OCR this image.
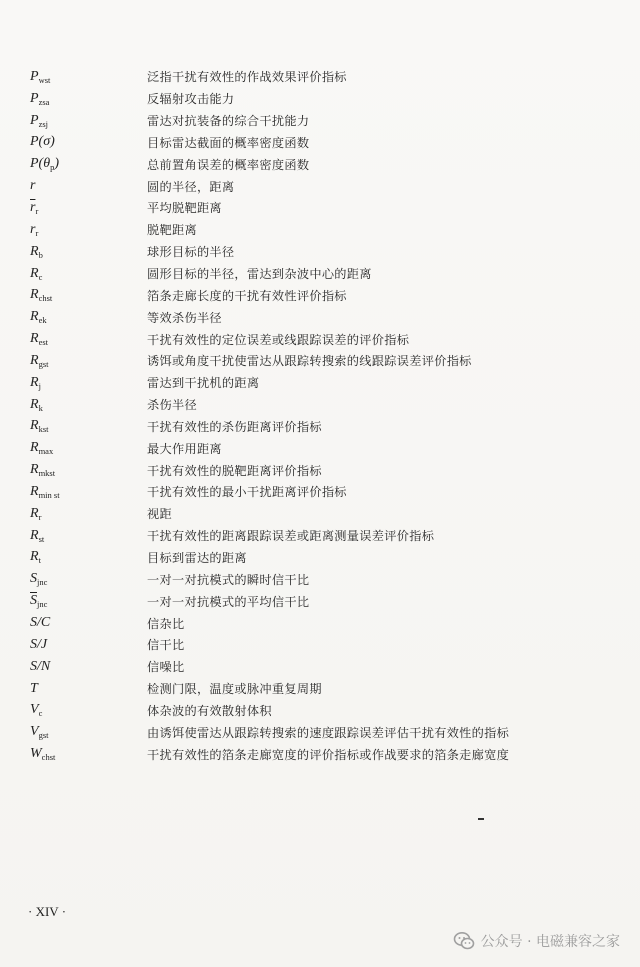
$P_{wst}$	泛指干扰有效性的作战效果评价指标
$P_{zsa}$	反辐射攻击能力
$P_{zsj}$	雷达对抗装备的综合干扰能力
P(σ)	目标雷达截面的概率密度函数
$P(\theta_p)$	总前置角误差的概率密度函数
r	圆的半径，距离
$\overline{r}_r$	平均脱靶距离
$r_r$	脱靶距离
$R_b$	球形目标的半径
$R_c$	圆形目标的半径，雷达到杂波中心的距离
$R_{chst}$	箔条走廊长度的干扰有效性评价指标
$R_{ek}$	等效杀伤半径
$R_{est}$	干扰有效性的定位误差或线跟踪误差的评价指标
$R_{gst}$	诱饵或角度干扰使雷达从跟踪转搜索的线跟踪误差评价指标
$R_j$	雷达到干扰机的距离
$R_k$	杀伤半径
$R_{kst}$	干扰有效性的杀伤距离评价指标
$R_{max}$	最大作用距离
$R_{mkst}$	干扰有效性的脱靶距离评价指标
$R_{min st}$	干扰有效性的最小干扰距离评价指标
$R_r$	视距
$R_{st}$	干扰有效性的距离跟踪误差或距离测量误差评价指标
$R_t$	目标到雷达的距离
$S_{jnc}$	一对一对抗模式的瞬时信干比
$\overline{S}_{jnc}$	一对一对抗模式的平均信干比
S/C	信杂比
S/J	信干比
S/N	信噪比
T	检测门限，温度或脉冲重复周期
$V_c$	体杂波的有效散射体积
$V_{gst}$	由诱饵使雷达从跟踪转搜索的速度跟踪误差评估干扰有效性的指标
$W_{chst}$	干扰有效性的箔条走廊宽度的评价指标或作战要求的箔条走廊宽度
· XIV ·
公众号 · 电磁兼容之家
